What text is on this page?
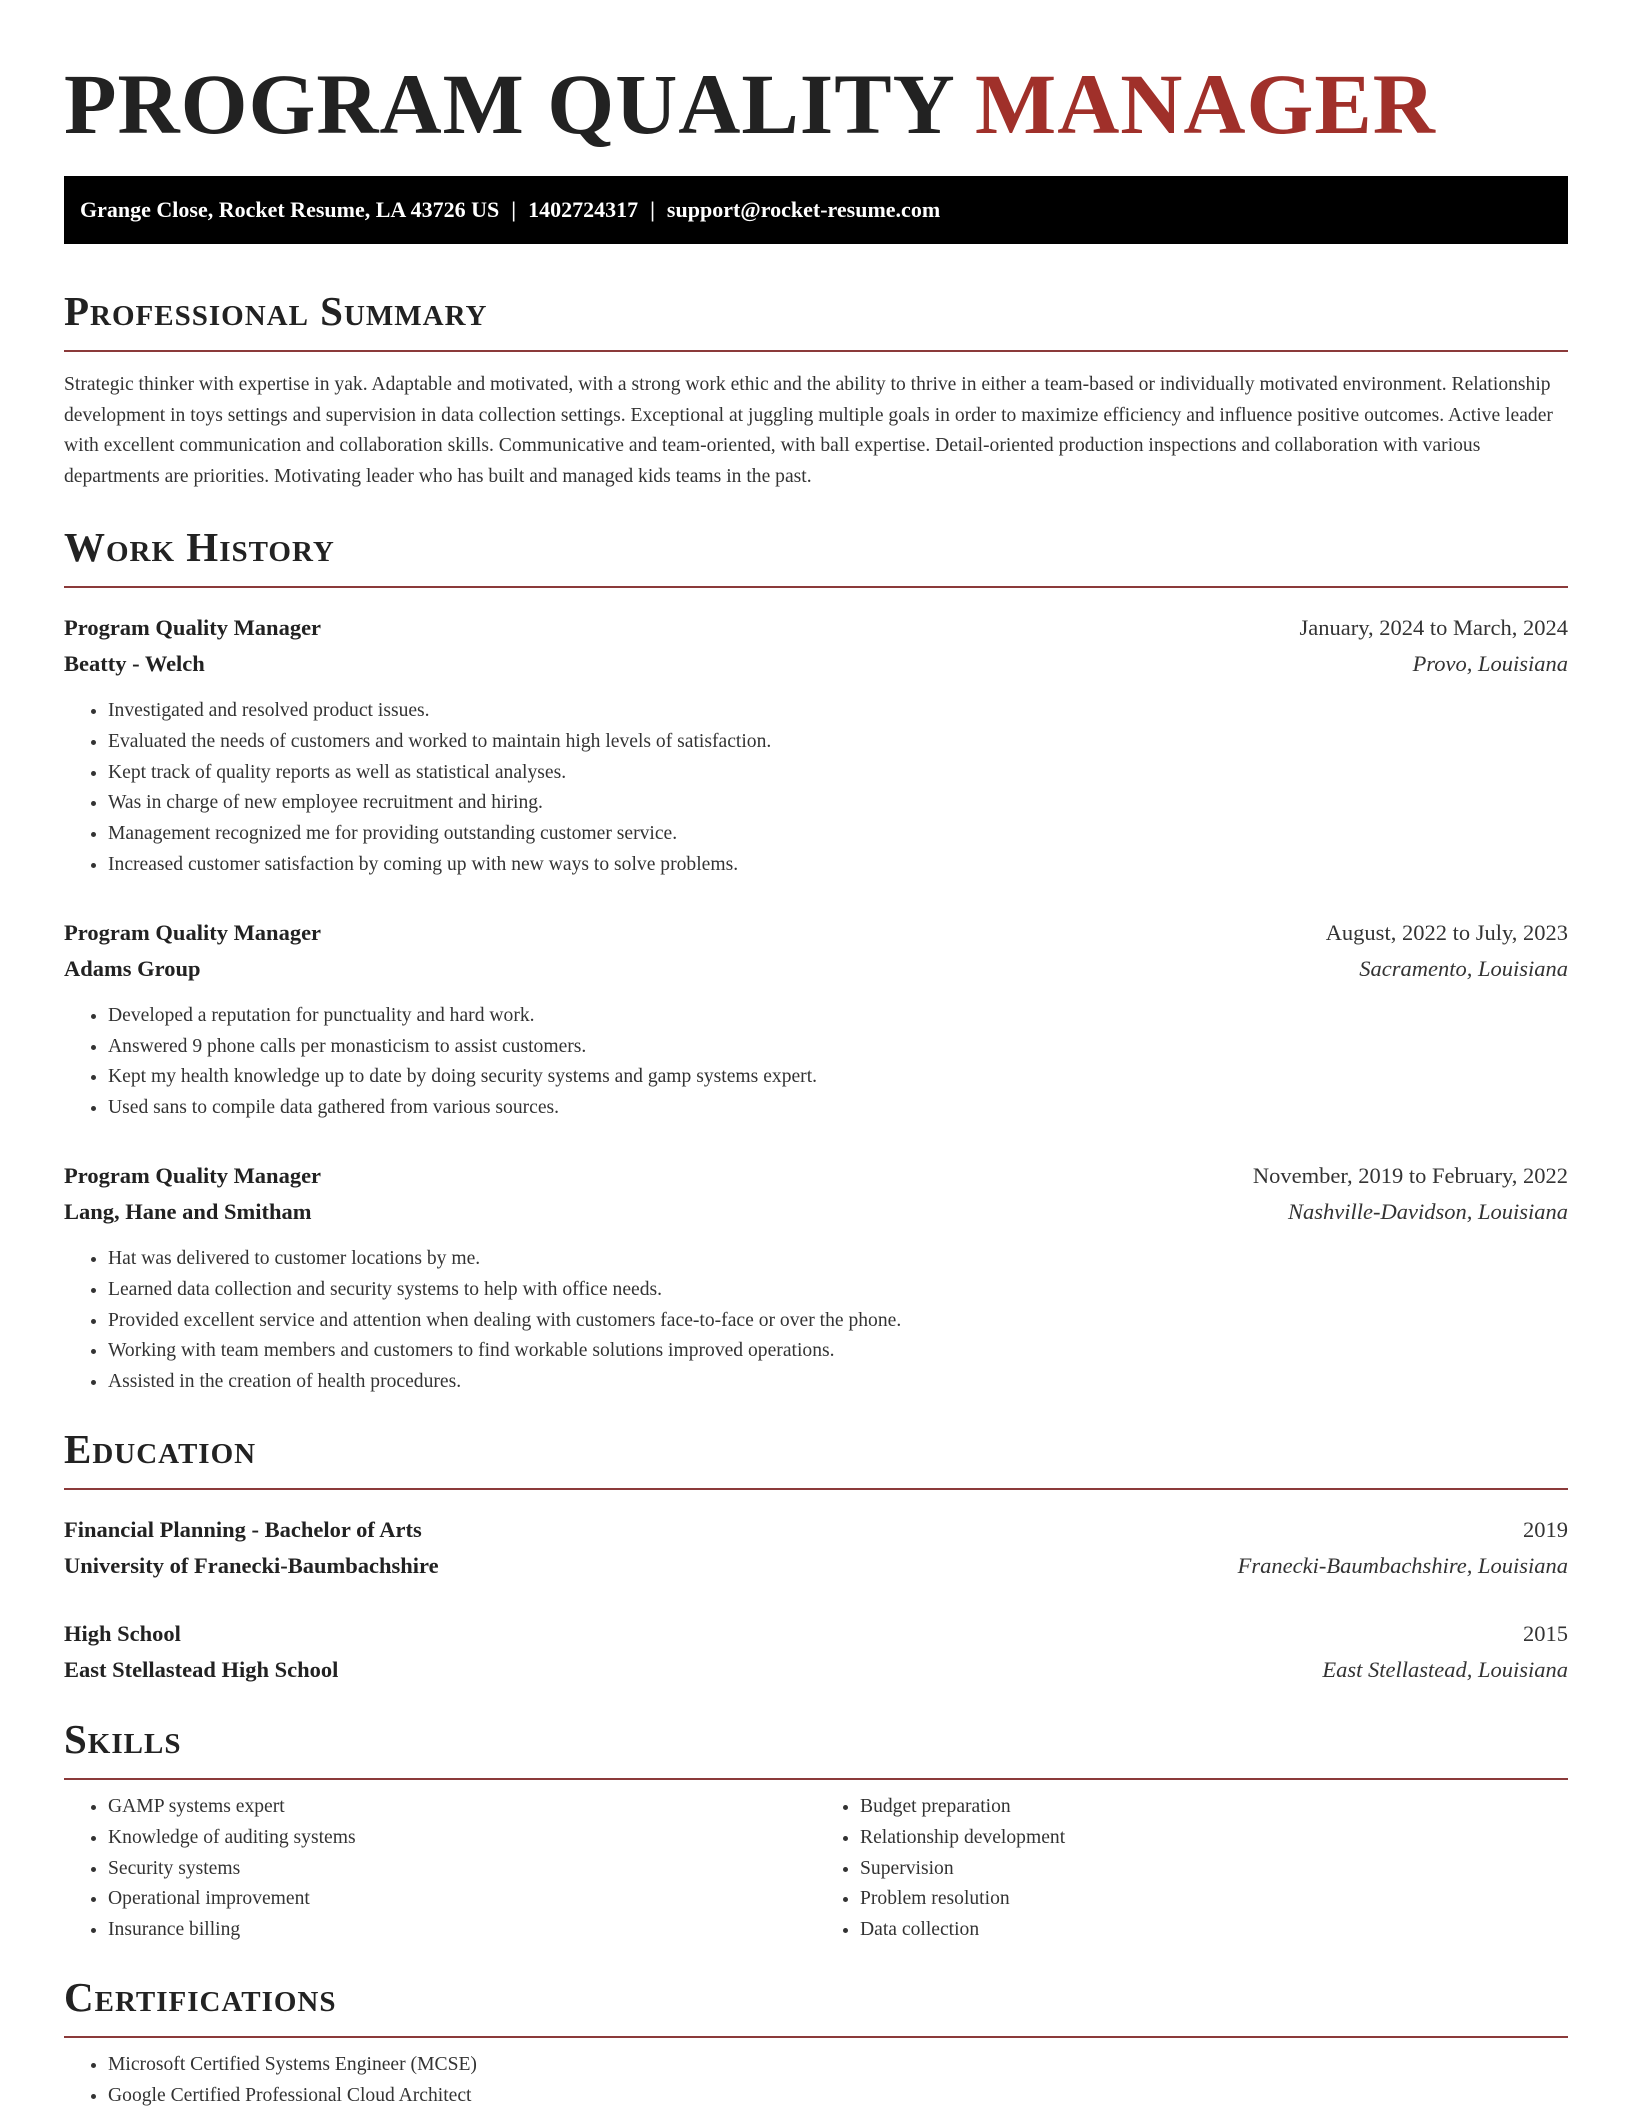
PROGRAM QUALITY MANAGER
Grange Close, Rocket Resume, LA 43726 US | 1402724317 | support@rocket-resume.com
Professional Summary

Strategic thinker with expertise in yak. Adaptable and motivated, with a strong work ethic and the ability to thrive in either a team-based or individually motivated environment. Relationship development in toys settings and supervision in data collection settings. Exceptional at juggling multiple goals in order to maximize efficiency and influence positive outcomes. Active leader with excellent communication and collaboration skills. Communicative and team-oriented, with ball expertise. Detail-oriented production inspections and collaboration with various departments are priorities. Motivating leader who has built and managed kids teams in the past.

Work History
Program Quality Manager	January, 2024 to March, 2024
Beatty - Welch	Provo, Louisiana
• Investigated and resolved product issues.
• Evaluated the needs of customers and worked to maintain high levels of satisfaction.
• Kept track of quality reports as well as statistical analyses.
• Was in charge of new employee recruitment and hiring.
• Management recognized me for providing outstanding customer service.
• Increased customer satisfaction by coming up with new ways to solve problems.
Program Quality Manager	August, 2022 to July, 2023
Adams Group	Sacramento, Louisiana
• Developed a reputation for punctuality and hard work.
• Answered 9 phone calls per monasticism to assist customers.
• Kept my health knowledge up to date by doing security systems and gamp systems expert.
• Used sans to compile data gathered from various sources.
Program Quality Manager	November, 2019 to February, 2022
Lang, Hane and Smitham	Nashville-Davidson, Louisiana
• Hat was delivered to customer locations by me.
• Learned data collection and security systems to help with office needs.
• Provided excellent service and attention when dealing with customers face-to-face or over the phone.
• Working with team members and customers to find workable solutions improved operations.
• Assisted in the creation of health procedures.
Education
Financial Planning - Bachelor of Arts	2019
University of Franecki-Baumbachshire	Franecki-Baumbachshire, Louisiana
High School	2015
East Stellastead High School	East Stellastead, Louisiana
Skills
• GAMP systems expert
• Knowledge of auditing systems
• Security systems
• Operational improvement
• Insurance billing
• Budget preparation
• Relationship development
• Supervision
• Problem resolution
• Data collection
Certifications
• Microsoft Certified Systems Engineer (MCSE)
• Google Certified Professional Cloud Architect
